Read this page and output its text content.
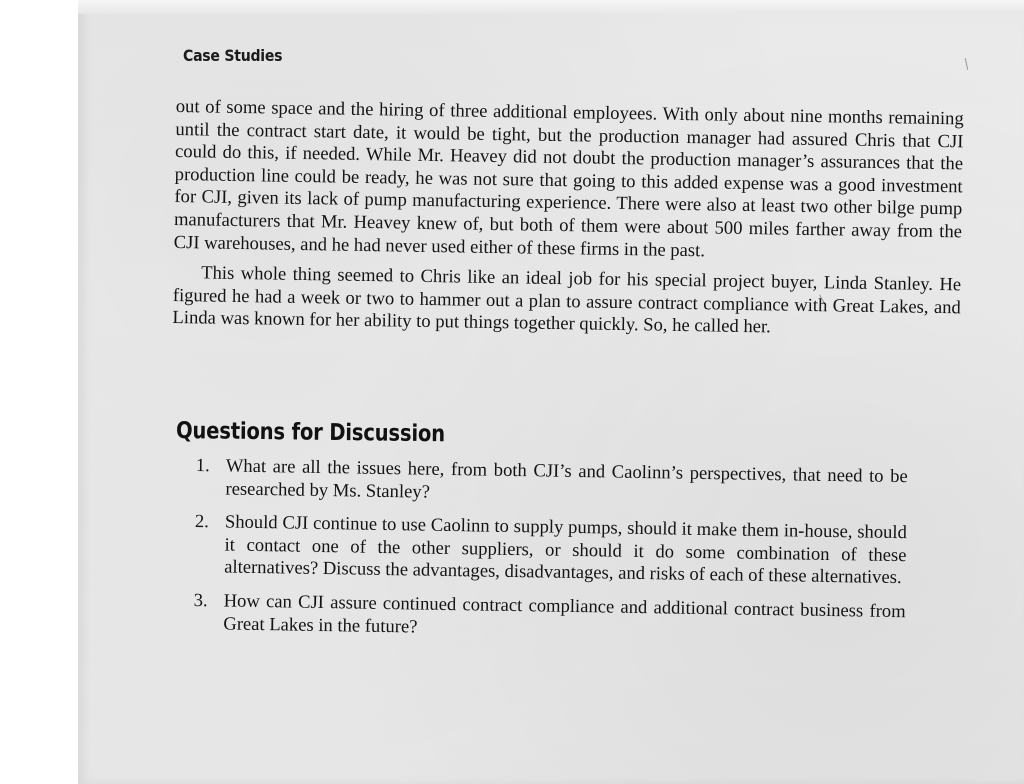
Case Studies

out of some space and the hiring of three additional employees. With only about nine months remaining until the contract start date, it would be tight, but the production manager had assured Chris that CJI could do this, if needed. While Mr. Heavey did not doubt the production manager’s assurances that the production line could be ready, he was not sure that going to this added expense was a good investment for CJI, given its lack of pump manufacturing experience. There were also at least two other bilge pump manufacturers that Mr. Heavey knew of, but both of them were about 500 miles farther away from the CJI warehouses, and he had never used either of these firms in the past.

This whole thing seemed to Chris like an ideal job for his special project buyer, Linda Stanley. He figured he had a week or two to hammer out a plan to assure contract compliance with Great Lakes, and Linda was known for her ability to put things together quickly. So, he called her.

Questions for Discussion
1. What are all the issues here, from both CJI’s and Caolinn’s perspectives, that need to be researched by Ms. Stanley?
2. Should CJI continue to use Caolinn to supply pumps, should it make them in-house, should it contact one of the other suppliers, or should it do some combination of these alternatives? Discuss the advantages, disadvantages, and risks of each of these alternatives.
3. How can CJI assure continued contract compliance and additional contract business from Great Lakes in the future?
